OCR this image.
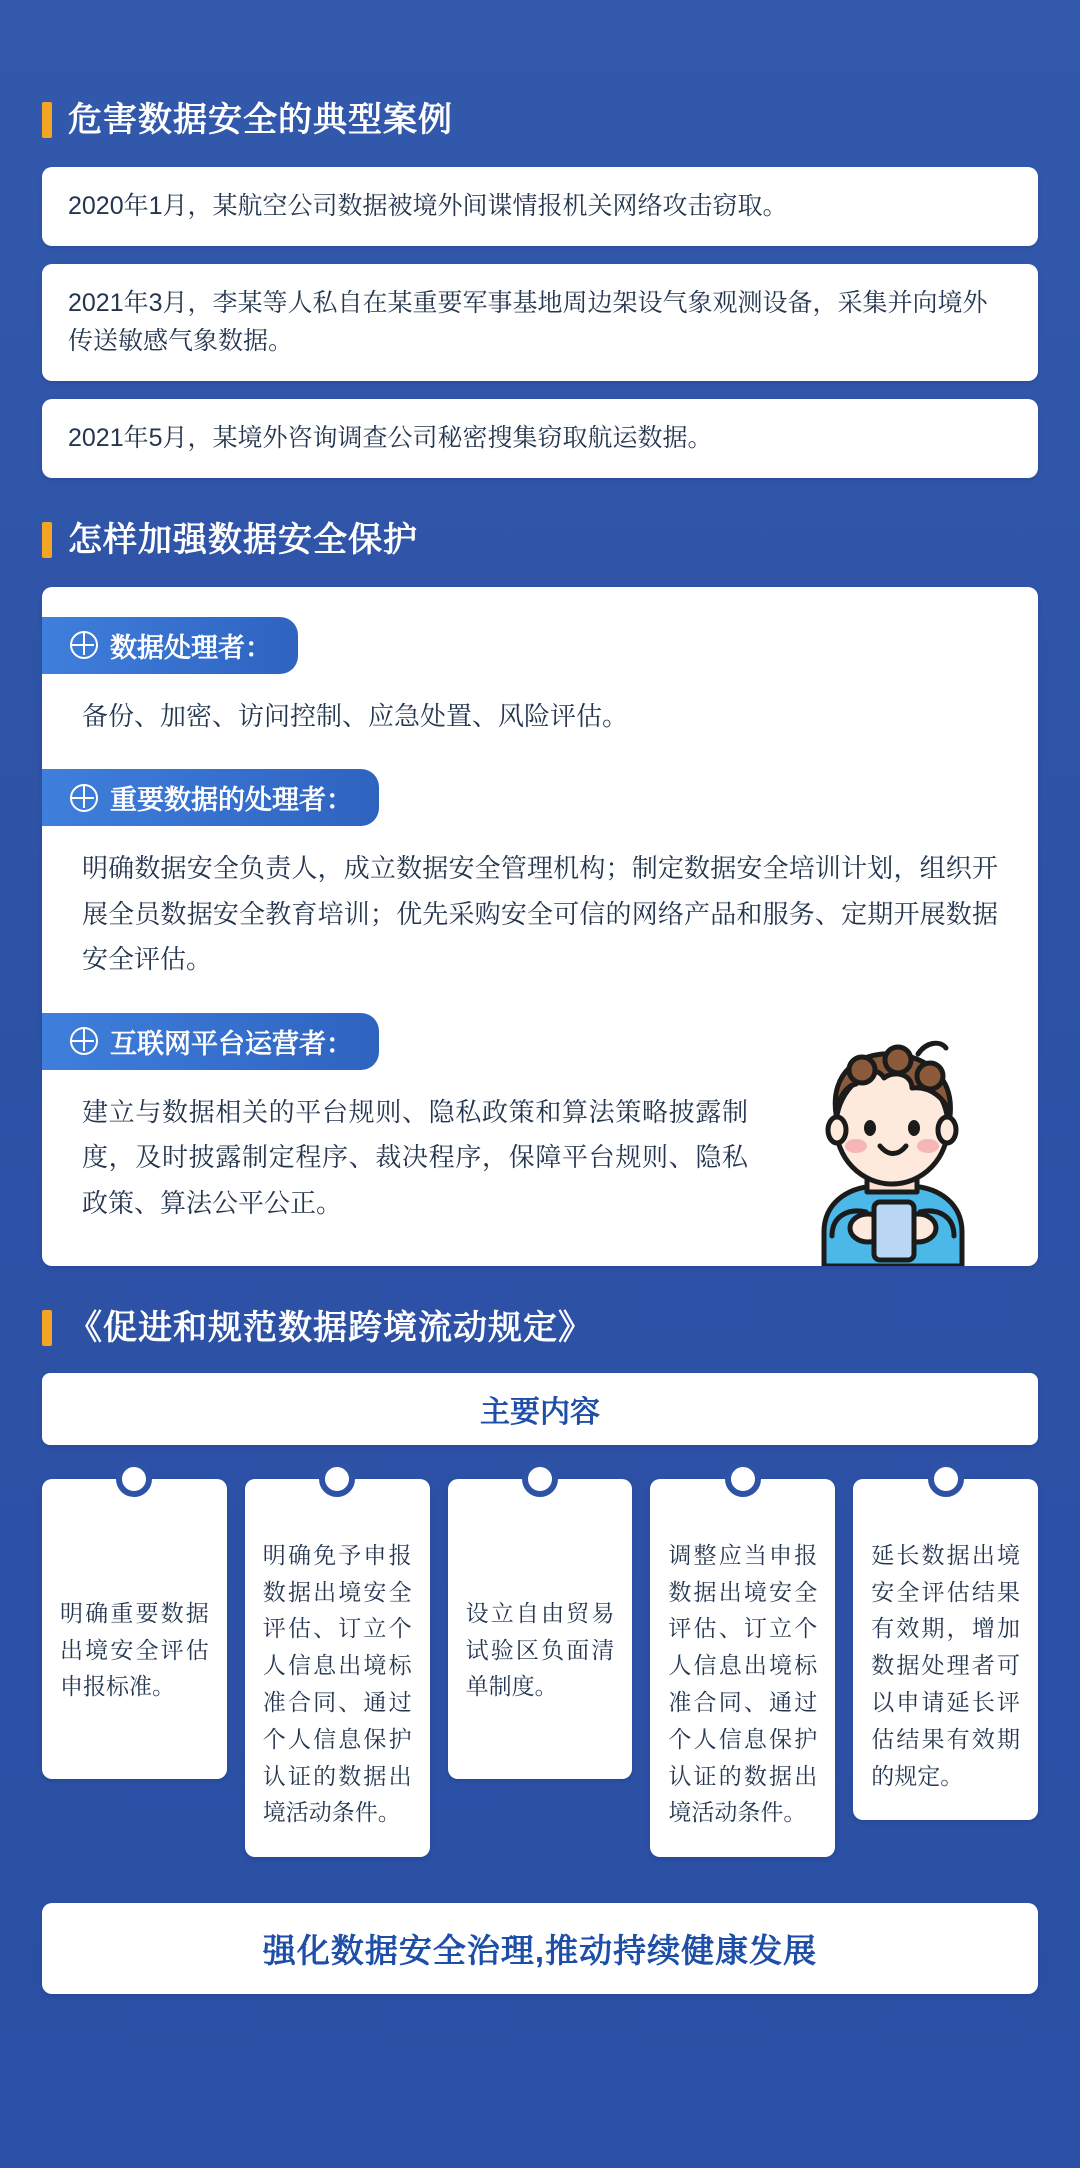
危害数据安全的典型案例
2020年1月，某航空公司数据被境外间谍情报机关网络攻击窃取。
2021年3月，李某等人私自在某重要军事基地周边架设气象观测设备，采集并向境外传送敏感气象数据。
2021年5月，某境外咨询调查公司秘密搜集窃取航运数据。
怎样加强数据安全保护
数据处理者：
备份、加密、访问控制、应急处置、风险评估。
重要数据的处理者：
明确数据安全负责人，成立数据安全管理机构；制定数据安全培训计划，组织开展全员数据安全教育培训；优先采购安全可信的网络产品和服务、定期开展数据安全评估。
互联网平台运营者：
建立与数据相关的平台规则、隐私政策和算法策略披露制度，及时披露制定程序、裁决程序，保障平台规则、隐私政策、算法公平公正。
《促进和规范数据跨境流动规定》
主要内容
明确重要数据出境安全评估申报标准。
明确免予申报数据出境安全评估、订立个人信息出境标准合同、通过个人信息保护认证的数据出境活动条件。
设立自由贸易试验区负面清单制度。
调整应当申报数据出境安全评估、订立个人信息出境标准合同、通过个人信息保护认证的数据出境活动条件。
延长数据出境安全评估结果有效期，增加数据处理者可以申请延长评估结果有效期的规定。
强化数据安全治理,推动持续健康发展
